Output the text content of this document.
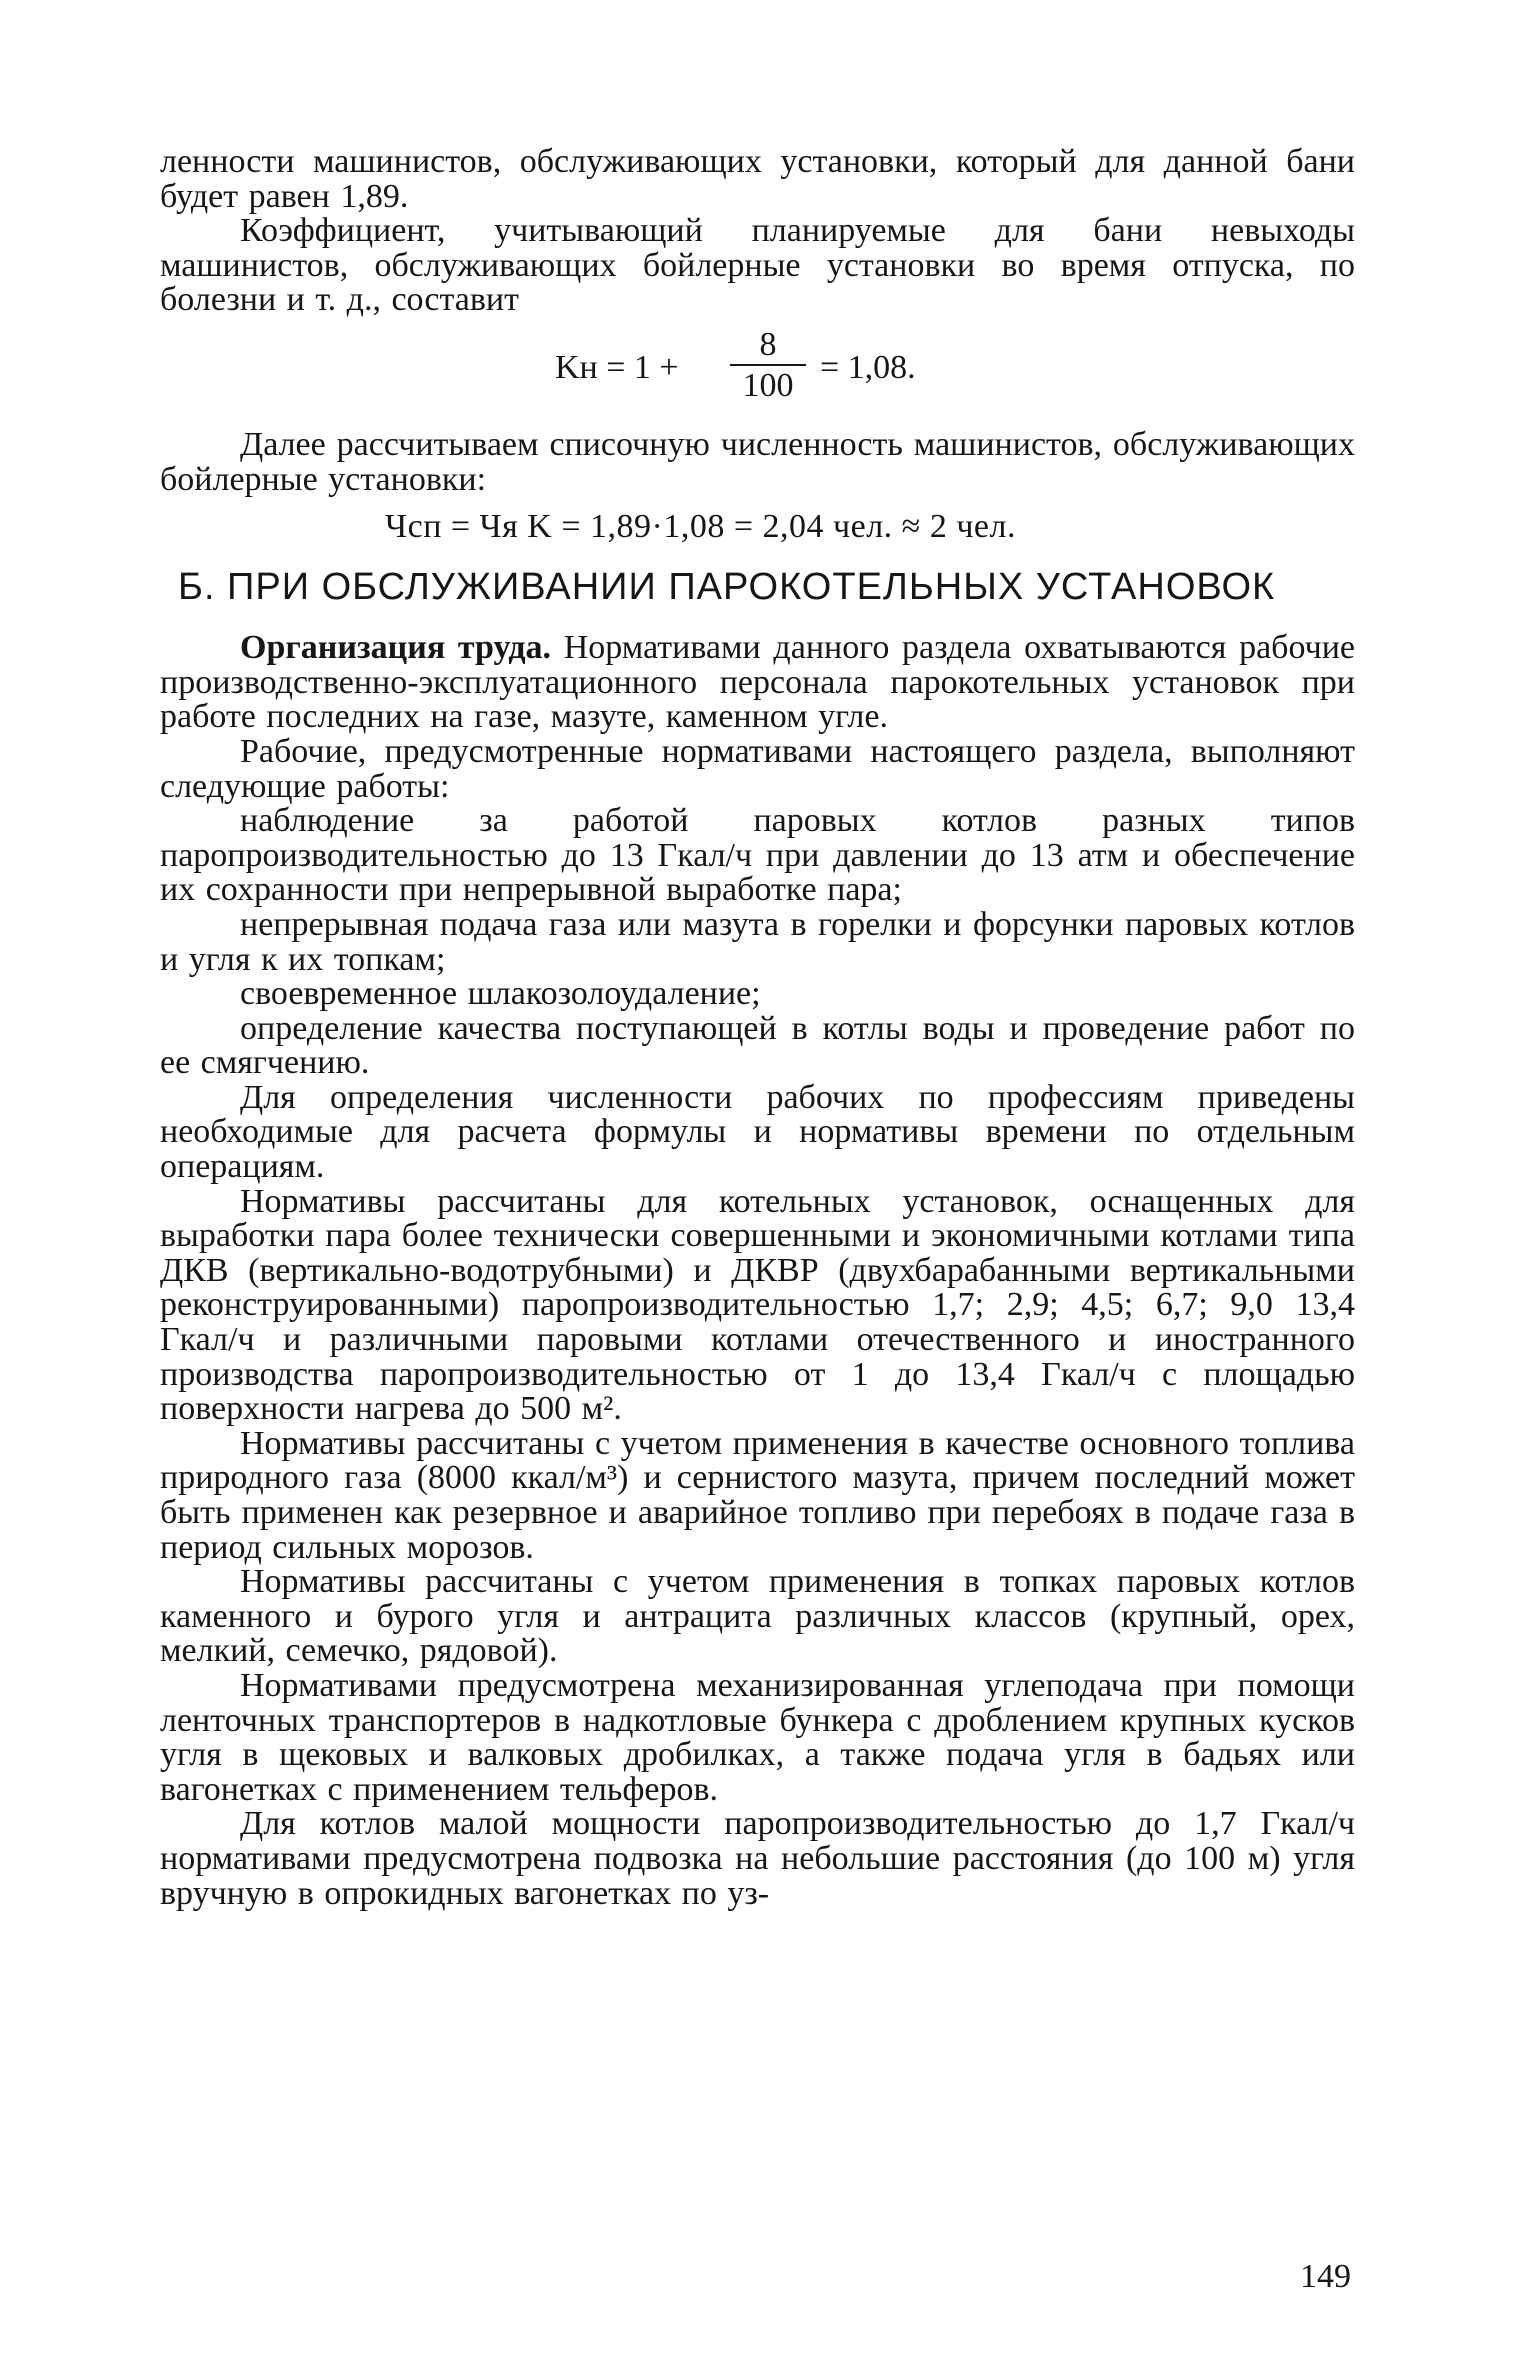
ленности машинистов, обслуживающих установки, который для данной бани будет равен 1,89.

Коэффициент, учитывающий планируемые для бани невыходы машинистов, обслуживающих бойлерные установки во время отпуска, по болезни и т. д., составит

Kн = $1 + \frac{8}{100} = 1,08$.

Далее рассчитываем списочную численность машинистов, обслуживающих бойлерные установки:

Чсп = Чя K = 1,89·1,08 = 2,04 чел. ≈ 2 чел.
Б. ПРИ ОБСЛУЖИВАНИИ ПАРОКОТЕЛЬНЫХ УСТАНОВОК

Организация труда. Нормативами данного раздела охватываются рабочие производственно-эксплуатационного персонала парокотельных установок при работе последних на газе, мазуте, каменном угле.

Рабочие, предусмотренные нормативами настоящего раздела, выполняют следующие работы:

наблюдение за работой паровых котлов разных типов паропроизводительностью до 13 Гкал/ч при давлении до 13 атм и обеспечение их сохранности при непрерывной выработке пара;

непрерывная подача газа или мазута в горелки и форсунки паровых котлов и угля к их топкам;

своевременное шлакозолоудаление;

определение качества поступающей в котлы воды и проведение работ по ее смягчению.

Для определения численности рабочих по профессиям приведены необходимые для расчета формулы и нормативы времени по отдельным операциям.

Нормативы рассчитаны для котельных установок, оснащенных для выработки пара более технически совершенными и экономичными котлами типа ДКВ (вертикально-водотрубными) и ДКВР (двухбарабанными вертикальными реконструированными) паропроизводительностью 1,7; 2,9; 4,5; 6,7; 9,0 13,4 Гкал/ч и различными паровыми котлами отечественного и иностранного производства паропроизводительностью от 1 до 13,4 Гкал/ч с площадью поверхности нагрева до 500 м².

Нормативы рассчитаны с учетом применения в качестве основного топлива природного газа (8000 ккал/м³) и сернистого мазута, причем последний может быть применен как резервное и аварийное топливо при перебоях в подаче газа в период сильных морозов.

Нормативы рассчитаны с учетом применения в топках паровых котлов каменного и бурого угля и антрацита различных классов (крупный, орех, мелкий, семечко, рядовой).

Нормативами предусмотрена механизированная углеподача при помощи ленточных транспортеров в надкотловые бункера с дроблением крупных кусков угля в щековых и валковых дробилках, а также подача угля в бадьях или вагонетках с применением тельферов.

Для котлов малой мощности паропроизводительностью до 1,7 Гкал/ч нормативами предусмотрена подвозка на небольшие расстояния (до 100 м) угля вручную в опрокидных вагонетках по уз-

149
